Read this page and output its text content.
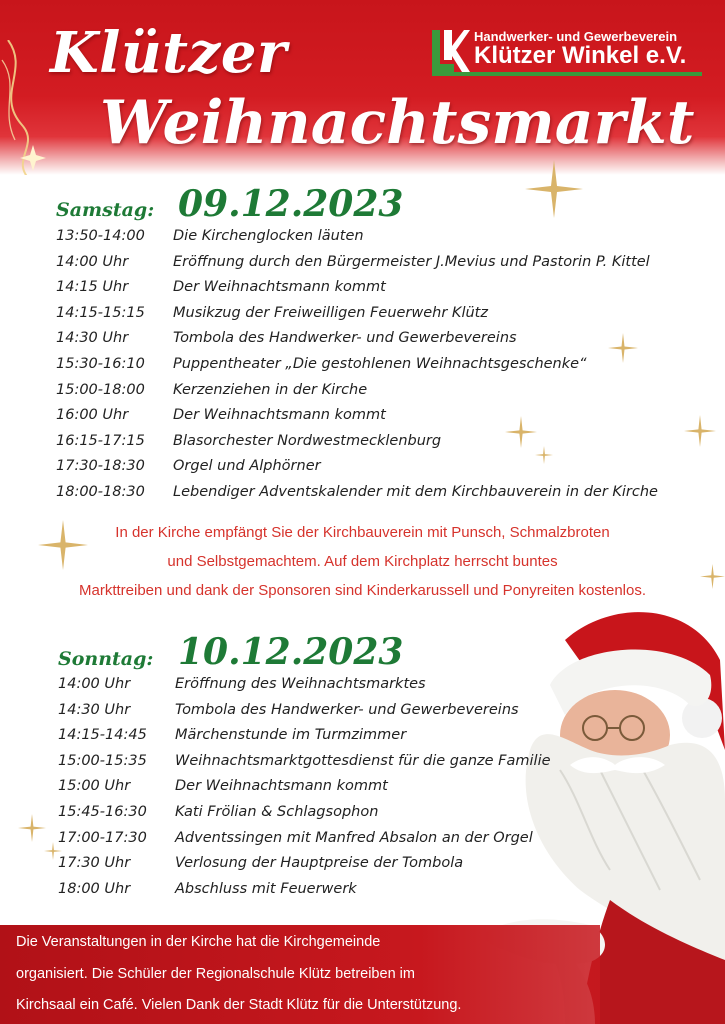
Klützer
Weihnachtsmarkt
Handwerker- und Gewerbeverein
Klützer Winkel e.V.
Samstag: 09.12.2023
13:50-14:00 Die Kirchenglocken läuten
14:00 Uhr	Eröffnung durch den Bürgermeister J.Mevius und Pastorin P. Kittel
14:15 Uhr	Der Weihnachtsmann kommt
14:15-15:15 Musikzug der Freiweilligen Feuerwehr Klütz
14:30 Uhr	Tombola des Handwerker- und Gewerbevereins
15:30-16:10 Puppentheater „Die gestohlenen Weihnachtsgeschenke“
15:00-18:00 Kerzenziehen in der Kirche
16:00 Uhr	Der Weihnachtsmann kommt
16:15-17:15 Blasorchester Nordwestmecklenburg
17:30-18:30 Orgel und Alphörner
18:00-18:30 Lebendiger Adventskalender mit dem Kirchbauverein in der Kirche
In der Kirche empfängt Sie der Kirchbauverein mit Punsch, Schmalzbroten
und Selbstgemachtem. Auf dem Kirchplatz herrscht buntes
Markttreiben und dank der Sponsoren sind Kinderkarussell und Ponyreiten kostenlos.
Sonntag: 10.12.2023
14:00 Uhr	Eröffnung des Weihnachtsmarktes
14:30 Uhr	Tombola des Handwerker- und Gewerbevereins
14:15-14:45 Märchenstunde im Turmzimmer
15:00-15:35 Weihnachtsmarktgottesdienst für die ganze Familie
15:00 Uhr	Der Weihnachtsmann kommt
15:45-16:30 Kati Frölian & Schlagsophon
17:00-17:30 Adventssingen mit Manfred Absalon an der Orgel
17:30 Uhr	Verlosung der Hauptpreise der Tombola
18:00 Uhr	Abschluss mit Feuerwerk

Die Veranstaltungen in der Kirche hat die Kirchgemeinde

organisiert. Die Schüler der Regionalschule Klütz betreiben im

Kirchsaal ein Café. Vielen Dank der Stadt Klütz für die Unterstützung.
